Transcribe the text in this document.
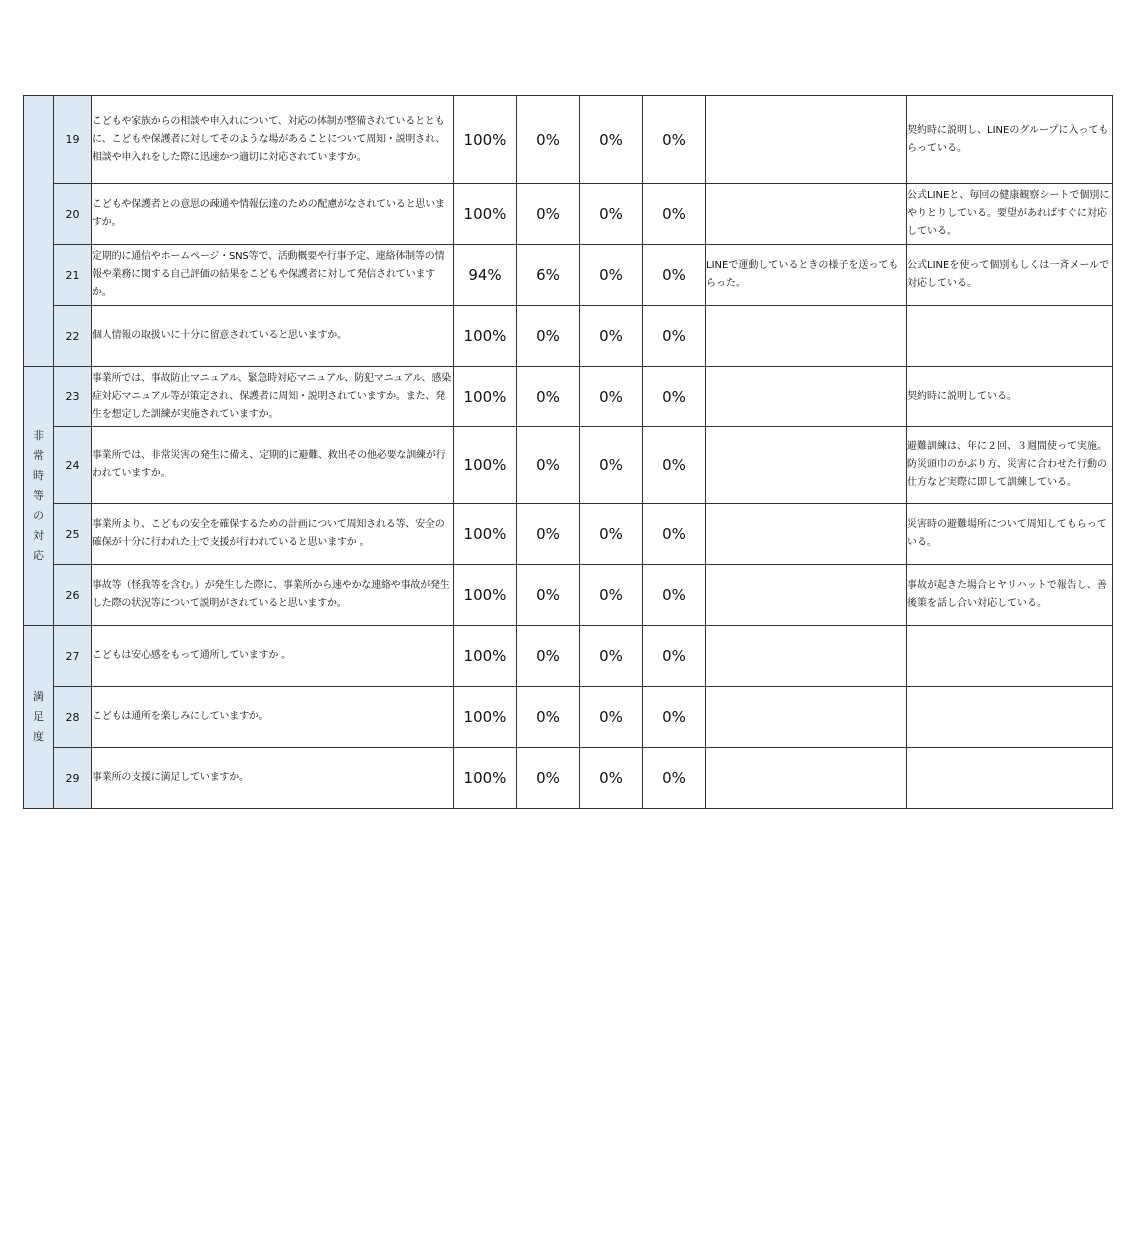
	19	こどもや家族からの相談や申入れについて、対応の体制が整備されているとともに、こどもや保護者に対してそのような場があることについて周知・説明され、相談や申入れをした際に迅速かつ適切に対応されていますか。	100%	0%	0%	0%		契約時に説明し、LINEのグループに入ってもらっている。
	20	こどもや保護者との意思の疎通や情報伝達のための配慮がなされていると思いますか。	100%	0%	0%	0%		公式LINEと、毎回の健康観察シートで個別にやりとりしている。要望があればすぐに対応している。
	21	定期的に通信やホームページ・SNS等で、活動概要や行事予定、連絡体制等の情報や業務に関する自己評価の結果をこどもや保護者に対して発信されていますか。	94%	6%	0%	0%	LINEで運動しているときの様子を送ってもらった。	公式LINEを使って個別もしくは一斉メールで対応している。
	22	個人情報の取扱いに十分に留意されていると思いますか。	100%	0%	0%	0%		
非常時等の対応	23	事業所では、事故防止マニュアル、緊急時対応マニュアル、防犯マニュアル、感染症対応マニュアル等が策定され、保護者に周知・説明されていますか。また、発生を想定した訓練が実施されていますか。	100%	0%	0%	0%		契約時に説明している。
	24	事業所では、非常災害の発生に備え、定期的に避難、救出その他必要な訓練が行われていますか。	100%	0%	0%	0%		避難訓練は、年に２回、３週間使って実施。防災頭巾のかぶり方、災害に合わせた行動の仕方など実際に即して訓練している。
	25	事業所より、こどもの安全を確保するための計画について周知される等、安全の確保が十分に行われた上で支援が行われていると思いますか 。	100%	0%	0%	0%		災害時の避難場所について周知してもらっている。
	26	事故等（怪我等を含む。）が発生した際に、事業所から速やかな連絡や事故が発生した際の状況等について説明がされていると思いますか。	100%	0%	0%	0%		事故が起きた場合ヒヤリハットで報告し、善後策を話し合い対応している。
満足度	27	こどもは安心感をもって通所していますか 。	100%	0%	0%	0%		
	28	こどもは通所を楽しみにしていますか。	100%	0%	0%	0%		
	29	事業所の支援に満足していますか。	100%	0%	0%	0%		
